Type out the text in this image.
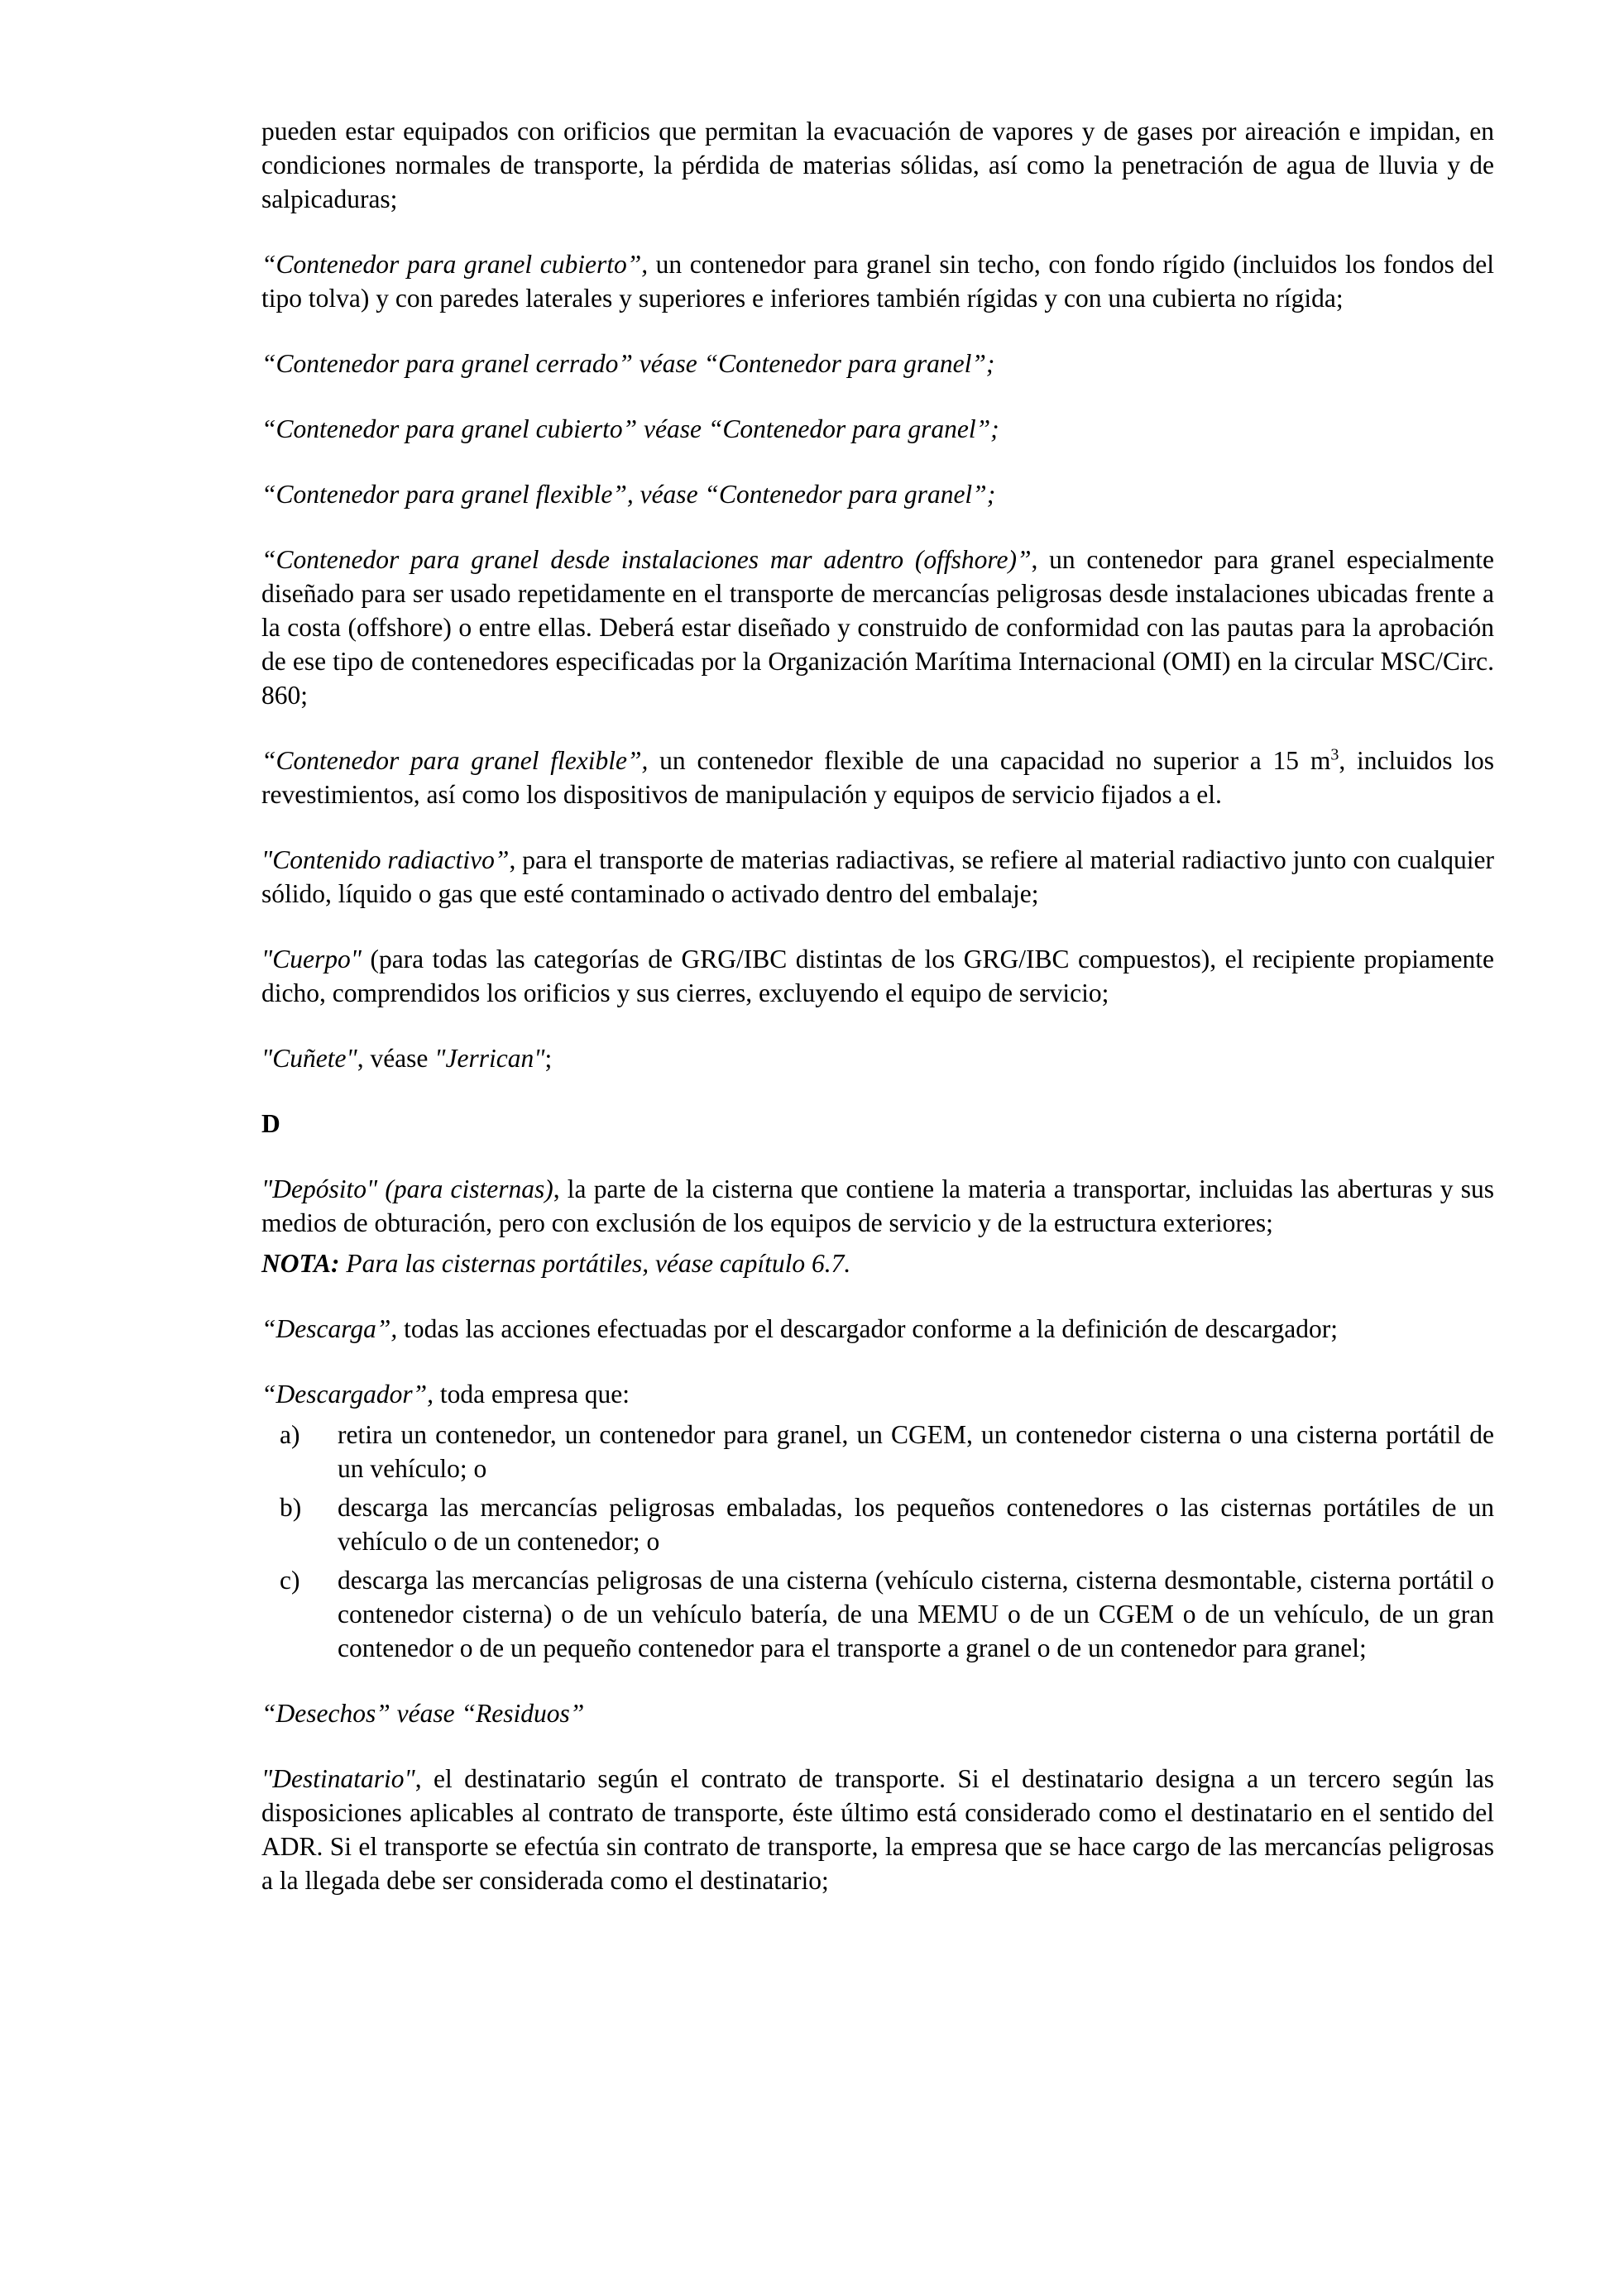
pueden estar equipados con orificios que permitan la evacuación de vapores y de gases por aireación e impidan, en condiciones normales de transporte, la pérdida de materias sólidas, así como la penetración de agua de lluvia y de salpicaduras;

“Contenedor para granel cubierto”, un contenedor para granel sin techo, con fondo rígido (incluidos los fondos del tipo tolva) y con paredes laterales y superiores e inferiores también rígidas y con una cubierta no rígida;

“Contenedor para granel cerrado” véase “Contenedor para granel”;

“Contenedor para granel cubierto” véase “Contenedor para granel”;

“Contenedor para granel flexible”, véase “Contenedor para granel”;

“Contenedor para granel desde instalaciones mar adentro (offshore)”, un contenedor para granel especialmente diseñado para ser usado repetidamente en el transporte de mercancías peligrosas desde instalaciones ubicadas frente a la costa (offshore) o entre ellas. Deberá estar diseñado y construido de conformidad con las pautas para la aprobación de ese tipo de contenedores especificadas por la Organización Marítima Internacional (OMI) en la circular MSC/Circ. 860;

“Contenedor para granel flexible”, un contenedor flexible de una capacidad no superior a 15 $m^3$, incluidos los revestimientos, así como los dispositivos de manipulación y equipos de servicio fijados a el.

"Contenido radiactivo”, para el transporte de materias radiactivas, se refiere al material radiactivo junto con cualquier sólido, líquido o gas que esté contaminado o activado dentro del embalaje;

"Cuerpo" (para todas las categorías de GRG/IBC distintas de los GRG/IBC compuestos), el recipiente propiamente dicho, comprendidos los orificios y sus cierres, excluyendo el equipo de servicio;

"Cuñete", véase "Jerrican";

D

"Depósito" (para cisternas), la parte de la cisterna que contiene la materia a transportar, incluidas las aberturas y sus medios de obturación, pero con exclusión de los equipos de servicio y de la estructura exteriores;

NOTA: Para las cisternas portátiles, véase capítulo 6.7.

“Descarga”, todas las acciones efectuadas por el descargador conforme a la definición de descargador;

“Descargador”, toda empresa que:

a)	retira un contenedor, un contenedor para granel, un CGEM, un contenedor cisterna o una cisterna portátil de un vehículo; o
b)	descarga las mercancías peligrosas embaladas, los pequeños contenedores o las cisternas portátiles de un vehículo o de un contenedor; o
c)	descarga las mercancías peligrosas de una cisterna (vehículo cisterna, cisterna desmontable, cisterna portátil o contenedor cisterna) o de un vehículo batería, de una MEMU o de un CGEM o de un vehículo, de un gran contenedor o de un pequeño contenedor para el transporte a granel o de un contenedor para granel;

“Desechos” véase “Residuos”

"Destinatario", el destinatario según el contrato de transporte. Si el destinatario designa a un tercero según las disposiciones aplicables al contrato de transporte, éste último está considerado como el destinatario en el sentido del ADR. Si el transporte se efectúa sin contrato de transporte, la empresa que se hace cargo de las mercancías peligrosas a la llegada debe ser considerada como el destinatario;
